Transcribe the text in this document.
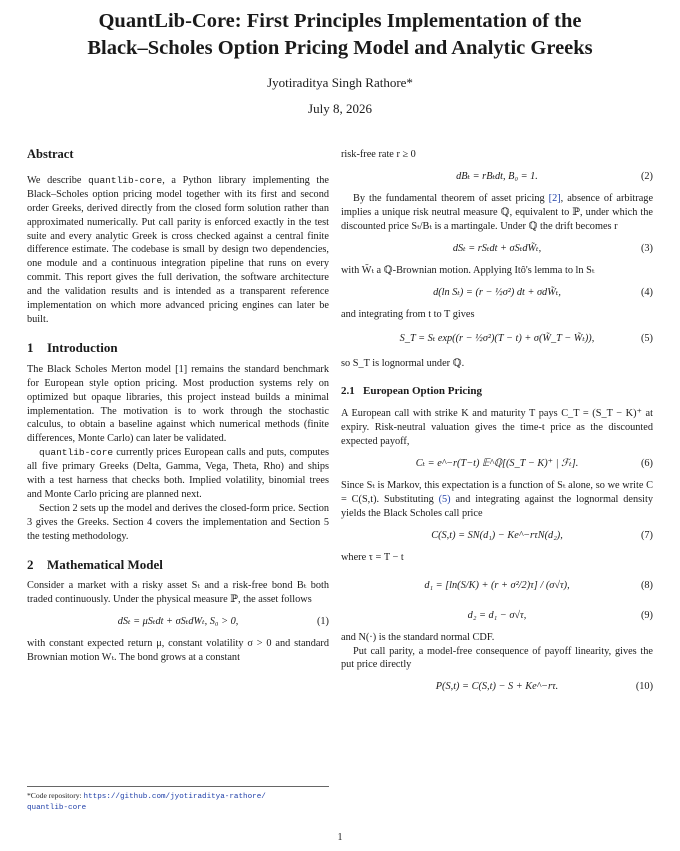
QuantLib-Core: First Principles Implementation of the
Black–Scholes Option Pricing Model and Analytic Greeks
Jyotiraditya Singh Rathore*
July 8, 2026
Abstract

We describe quantlib-core, a Python library implementing the Black–Scholes option pricing model together with its first and second order Greeks, derived directly from the closed form solution rather than approximated numerically. Put call parity is enforced exactly in the test suite and every analytic Greek is cross checked against a central finite difference estimate. The codebase is small by design two dependencies, one module and a continuous integration pipeline that runs on every commit. This report gives the full derivation, the software architecture and the validation results and is intended as a transparent reference implementation on which more advanced pricing engines can later be built.

1 Introduction

The Black Scholes Merton model [1] remains the standard benchmark for European style option pricing. Most production systems rely on optimized but opaque libraries, this project instead builds a minimal implementation. The motivation is to work through the stochastic calculus, to obtain a baseline against which numerical methods (finite differences, Monte Carlo) can later be validated.

quantlib-core currently prices European calls and puts, computes all five primary Greeks (Delta, Gamma, Vega, Theta, Rho) and ships with a test harness that checks both. Implied volatility, binomial trees and Monte Carlo pricing are planned next.

Section 2 sets up the model and derives the closed-form price. Section 3 gives the Greeks. Section 4 covers the implementation and Section 5 the testing methodology.

2 Mathematical Model

Consider a market with a risky asset Sₜ and a risk-free bond Bₜ both traded continuously. Under the physical measure ℙ, the asset follows

dSₜ = μSₜdt + σSₜdWₜ, S₀ > 0,	(1)

with constant expected return μ, constant volatility σ > 0 and standard Brownian motion Wₜ. The bond grows at a constant

risk-free rate r ≥ 0

dBₜ = rBₜdt, B₀ = 1.	(2)

By the fundamental theorem of asset pricing [2], absence of arbitrage implies a unique risk neutral measure ℚ, equivalent to ℙ, under which the discounted price Sₜ/Bₜ is a martingale. Under ℚ the drift becomes r

dSₜ = rSₜdt + σSₜdW̃ₜ,	(3)

with W̃ₜ a ℚ-Brownian motion. Applying Itô's lemma to ln Sₜ

d(ln Sₜ) = (r − ½σ²) dt + σdW̃ₜ,	(4)

and integrating from t to T gives

S_T = Sₜ exp((r − ½σ²)(T − t) + σ(W̃_T − W̃ₜ)),	(5)

so S_T is lognormal under ℚ.

2.1 European Option Pricing

A European call with strike K and maturity T pays C_T = (S_T − K)⁺ at expiry. Risk-neutral valuation gives the time-t price as the discounted expected payoff,

Cₜ = e^−r(T−t) 𝔼^ℚ[(S_T − K)⁺ | ℱₜ].	(6)

Since Sₜ is Markov, this expectation is a function of Sₜ alone, so we write C = C(S,t). Substituting (5) and integrating against the lognormal density yields the Black Scholes call price

C(S,t) = SN(d₁) − Ke^−rτN(d₂),	(7)

where τ = T − t

d₁ = [ln(S/K) + (r + σ²/2)τ] / (σ√τ),	(8)
d₂ = d₁ − σ√τ,	(9)

and N(·) is the standard normal CDF.

Put call parity, a model-free consequence of payoff linearity, gives the put price directly

P(S,t) = C(S,t) − S + Ke^−rτ.	(10)
*Code repository: https://github.com/jyotiraditya-rathore/
quantlib-core
1
